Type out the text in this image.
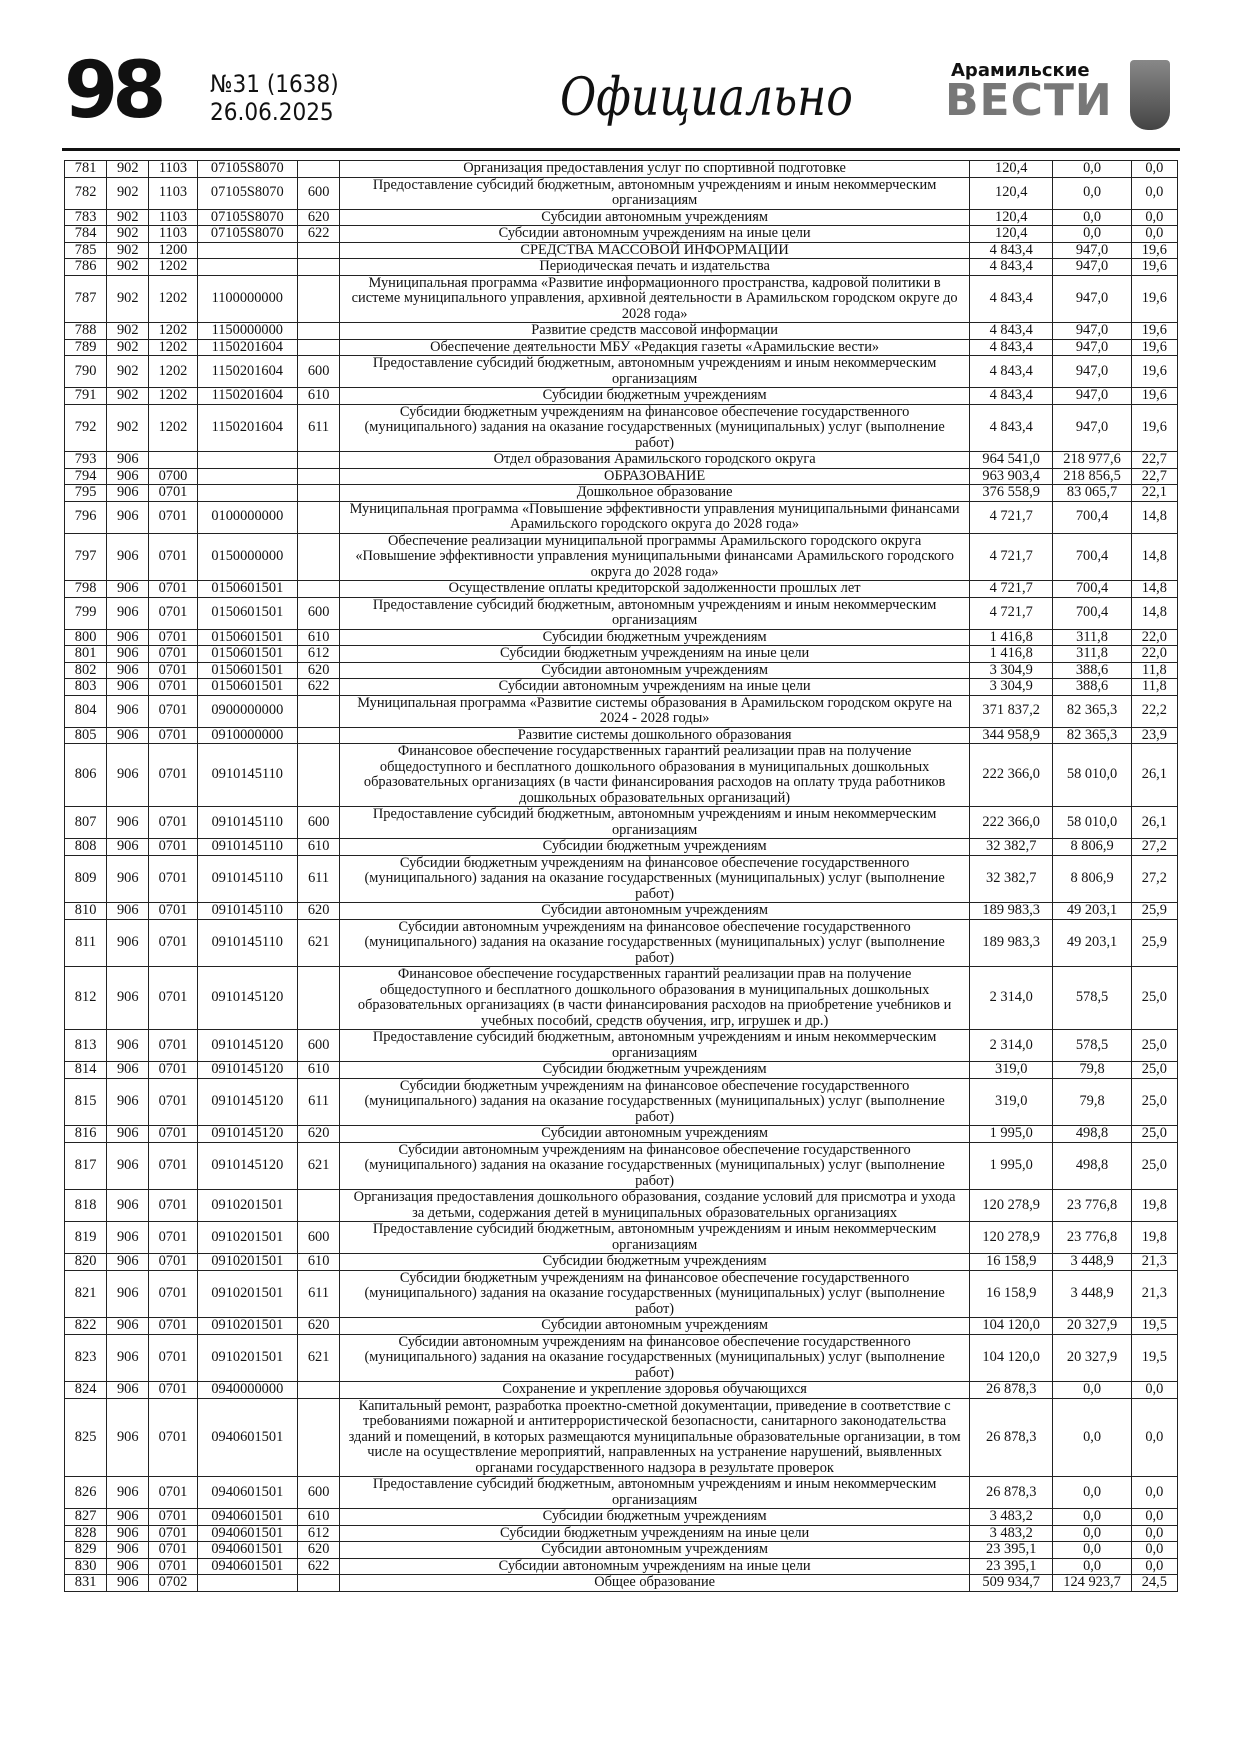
98 №31 (1638)
26.06.2025	Официально	Арамильские
ВЕСТИ
781	902	1103	07105S8070		Организация предоставления услуг по спортивной подготовке	120,4	0,0	0,0
782	902	1103	07105S8070	600	Предоставление субсидий бюджетным, автономным учреждениям и иным некоммерческим организациям	120,4	0,0	0,0
783	902	1103	07105S8070	620	Субсидии автономным учреждениям	120,4	0,0	0,0
784	902	1103	07105S8070	622	Субсидии автономным учреждениям на иные цели	120,4	0,0	0,0
785	902	1200			СРЕДСТВА МАССОВОЙ ИНФОРМАЦИИ	4 843,4	947,0	19,6
786	902	1202			Периодическая печать и издательства	4 843,4	947,0	19,6
787	902	1202	1100000000		Муниципальная программа «Развитие информационного пространства, кадровой политики в системе муниципального управления, архивной деятельности в Арамильском городском округе до 2028 года»	4 843,4	947,0	19,6
788	902	1202	1150000000		Развитие средств массовой информации	4 843,4	947,0	19,6
789	902	1202	1150201604		Обеспечение деятельности МБУ «Редакция газеты «Арамильские вести»	4 843,4	947,0	19,6
790	902	1202	1150201604	600	Предоставление субсидий бюджетным, автономным учреждениям и иным некоммерческим организациям	4 843,4	947,0	19,6
791	902	1202	1150201604	610	Субсидии бюджетным учреждениям	4 843,4	947,0	19,6
792	902	1202	1150201604	611	Субсидии бюджетным учреждениям на финансовое обеспечение государственного (муниципального) задания на оказание государственных (муниципальных) услуг (выполнение работ)	4 843,4	947,0	19,6
793	906				Отдел образования Арамильского городского округа	964 541,0	218 977,6	22,7
794	906	0700			ОБРАЗОВАНИЕ	963 903,4	218 856,5	22,7
795	906	0701			Дошкольное образование	376 558,9	83 065,7	22,1
796	906	0701	0100000000		Муниципальная программа «Повышение эффективности управления муниципальными финансами Арамильского городского округа до 2028 года»	4 721,7	700,4	14,8
797	906	0701	0150000000		Обеспечение реализации муниципальной программы Арамильского городского округа «Повышение эффективности управления муниципальными финансами Арамильского городского округа до 2028 года»	4 721,7	700,4	14,8
798	906	0701	0150601501		Осуществление оплаты кредиторской задолженности прошлых лет	4 721,7	700,4	14,8
799	906	0701	0150601501	600	Предоставление субсидий бюджетным, автономным учреждениям и иным некоммерческим организациям	4 721,7	700,4	14,8
800	906	0701	0150601501	610	Субсидии бюджетным учреждениям	1 416,8	311,8	22,0
801	906	0701	0150601501	612	Субсидии бюджетным учреждениям на иные цели	1 416,8	311,8	22,0
802	906	0701	0150601501	620	Субсидии автономным учреждениям	3 304,9	388,6	11,8
803	906	0701	0150601501	622	Субсидии автономным учреждениям на иные цели	3 304,9	388,6	11,8
804	906	0701	0900000000		Муниципальная программа «Развитие системы образования в Арамильском городском округе на 2024 - 2028 годы»	371 837,2	82 365,3	22,2
805	906	0701	0910000000		Развитие системы дошкольного образования	344 958,9	82 365,3	23,9
806	906	0701	0910145110		Финансовое обеспечение государственных гарантий реализации прав на получение общедоступного и бесплатного дошкольного образования в муниципальных дошкольных образовательных организациях (в части финансирования расходов на оплату труда работников дошкольных образовательных организаций)	222 366,0	58 010,0	26,1
807	906	0701	0910145110	600	Предоставление субсидий бюджетным, автономным учреждениям и иным некоммерческим организациям	222 366,0	58 010,0	26,1
808	906	0701	0910145110	610	Субсидии бюджетным учреждениям	32 382,7	8 806,9	27,2
809	906	0701	0910145110	611	Субсидии бюджетным учреждениям на финансовое обеспечение государственного (муниципального) задания на оказание государственных (муниципальных) услуг (выполнение работ)	32 382,7	8 806,9	27,2
810	906	0701	0910145110	620	Субсидии автономным учреждениям	189 983,3	49 203,1	25,9
811	906	0701	0910145110	621	Субсидии автономным учреждениям на финансовое обеспечение государственного (муниципального) задания на оказание государственных (муниципальных) услуг (выполнение работ)	189 983,3	49 203,1	25,9
812	906	0701	0910145120		Финансовое обеспечение государственных гарантий реализации прав на получение общедоступного и бесплатного дошкольного образования в муниципальных дошкольных образовательных организациях (в части финансирования расходов на приобретение учебников и учебных пособий, средств обучения, игр, игрушек и др.)	2 314,0	578,5	25,0
813	906	0701	0910145120	600	Предоставление субсидий бюджетным, автономным учреждениям и иным некоммерческим организациям	2 314,0	578,5	25,0
814	906	0701	0910145120	610	Субсидии бюджетным учреждениям	319,0	79,8	25,0
815	906	0701	0910145120	611	Субсидии бюджетным учреждениям на финансовое обеспечение государственного (муниципального) задания на оказание государственных (муниципальных) услуг (выполнение работ)	319,0	79,8	25,0
816	906	0701	0910145120	620	Субсидии автономным учреждениям	1 995,0	498,8	25,0
817	906	0701	0910145120	621	Субсидии автономным учреждениям на финансовое обеспечение государственного (муниципального) задания на оказание государственных (муниципальных) услуг (выполнение работ)	1 995,0	498,8	25,0
818	906	0701	0910201501		Организация предоставления дошкольного образования, создание условий для присмотра и ухода за детьми, содержания детей в муниципальных образовательных организациях	120 278,9	23 776,8	19,8
819	906	0701	0910201501	600	Предоставление субсидий бюджетным, автономным учреждениям и иным некоммерческим организациям	120 278,9	23 776,8	19,8
820	906	0701	0910201501	610	Субсидии бюджетным учреждениям	16 158,9	3 448,9	21,3
821	906	0701	0910201501	611	Субсидии бюджетным учреждениям на финансовое обеспечение государственного (муниципального) задания на оказание государственных (муниципальных) услуг (выполнение работ)	16 158,9	3 448,9	21,3
822	906	0701	0910201501	620	Субсидии автономным учреждениям	104 120,0	20 327,9	19,5
823	906	0701	0910201501	621	Субсидии автономным учреждениям на финансовое обеспечение государственного (муниципального) задания на оказание государственных (муниципальных) услуг (выполнение работ)	104 120,0	20 327,9	19,5
824	906	0701	0940000000		Сохранение и укрепление здоровья обучающихся	26 878,3	0,0	0,0
825	906	0701	0940601501		Капитальный ремонт, разработка проектно-сметной документации, приведение в соответствие с требованиями пожарной и антитеррористической безопасности, санитарного законодательства зданий и помещений, в которых размещаются муниципальные образовательные организации, в том числе на осуществление мероприятий, направленных на устранение нарушений, выявленных органами государственного надзора в результате проверок	26 878,3	0,0	0,0
826	906	0701	0940601501	600	Предоставление субсидий бюджетным, автономным учреждениям и иным некоммерческим организациям	26 878,3	0,0	0,0
827	906	0701	0940601501	610	Субсидии бюджетным учреждениям	3 483,2	0,0	0,0
828	906	0701	0940601501	612	Субсидии бюджетным учреждениям на иные цели	3 483,2	0,0	0,0
829	906	0701	0940601501	620	Субсидии автономным учреждениям	23 395,1	0,0	0,0
830	906	0701	0940601501	622	Субсидии автономным учреждениям на иные цели	23 395,1	0,0	0,0
831	906	0702			Общее образование	509 934,7	124 923,7	24,5
